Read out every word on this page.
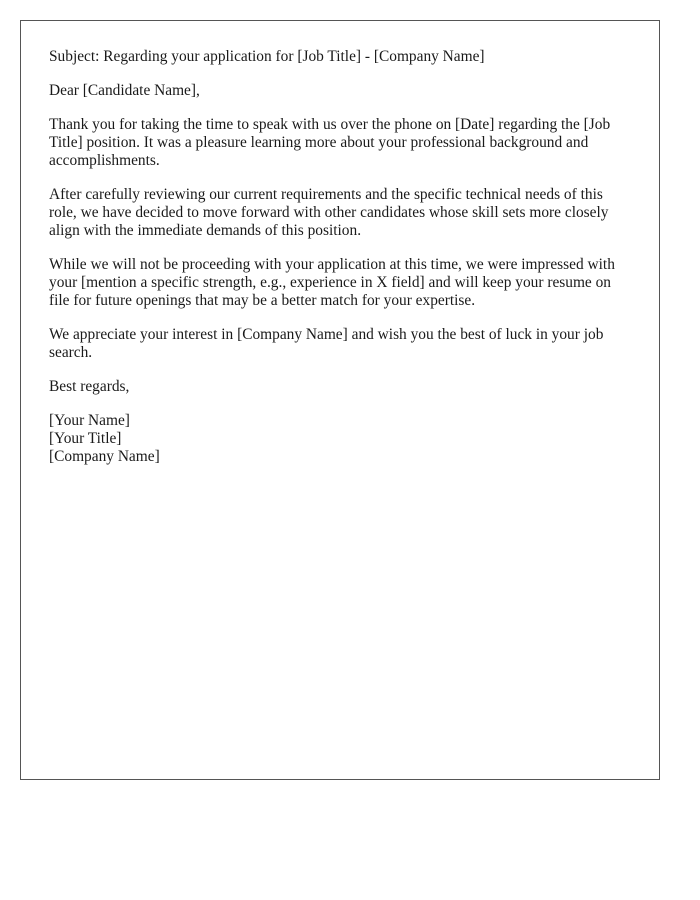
Subject: Regarding your application for [Job Title] - [Company Name]

Dear [Candidate Name],

Thank you for taking the time to speak with us over the phone on [Date] regarding the [Job Title] position. It was a pleasure learning more about your professional background and accomplishments.

After carefully reviewing our current requirements and the specific technical needs of this role, we have decided to move forward with other candidates whose skill sets more closely align with the immediate demands of this position.

While we will not be proceeding with your application at this time, we were impressed with your [mention a specific strength, e.g., experience in X field] and will keep your resume on file for future openings that may be a better match for your expertise.

We appreciate your interest in [Company Name] and wish you the best of luck in your job search.

Best regards,

[Your Name]

[Your Title]

[Company Name]
